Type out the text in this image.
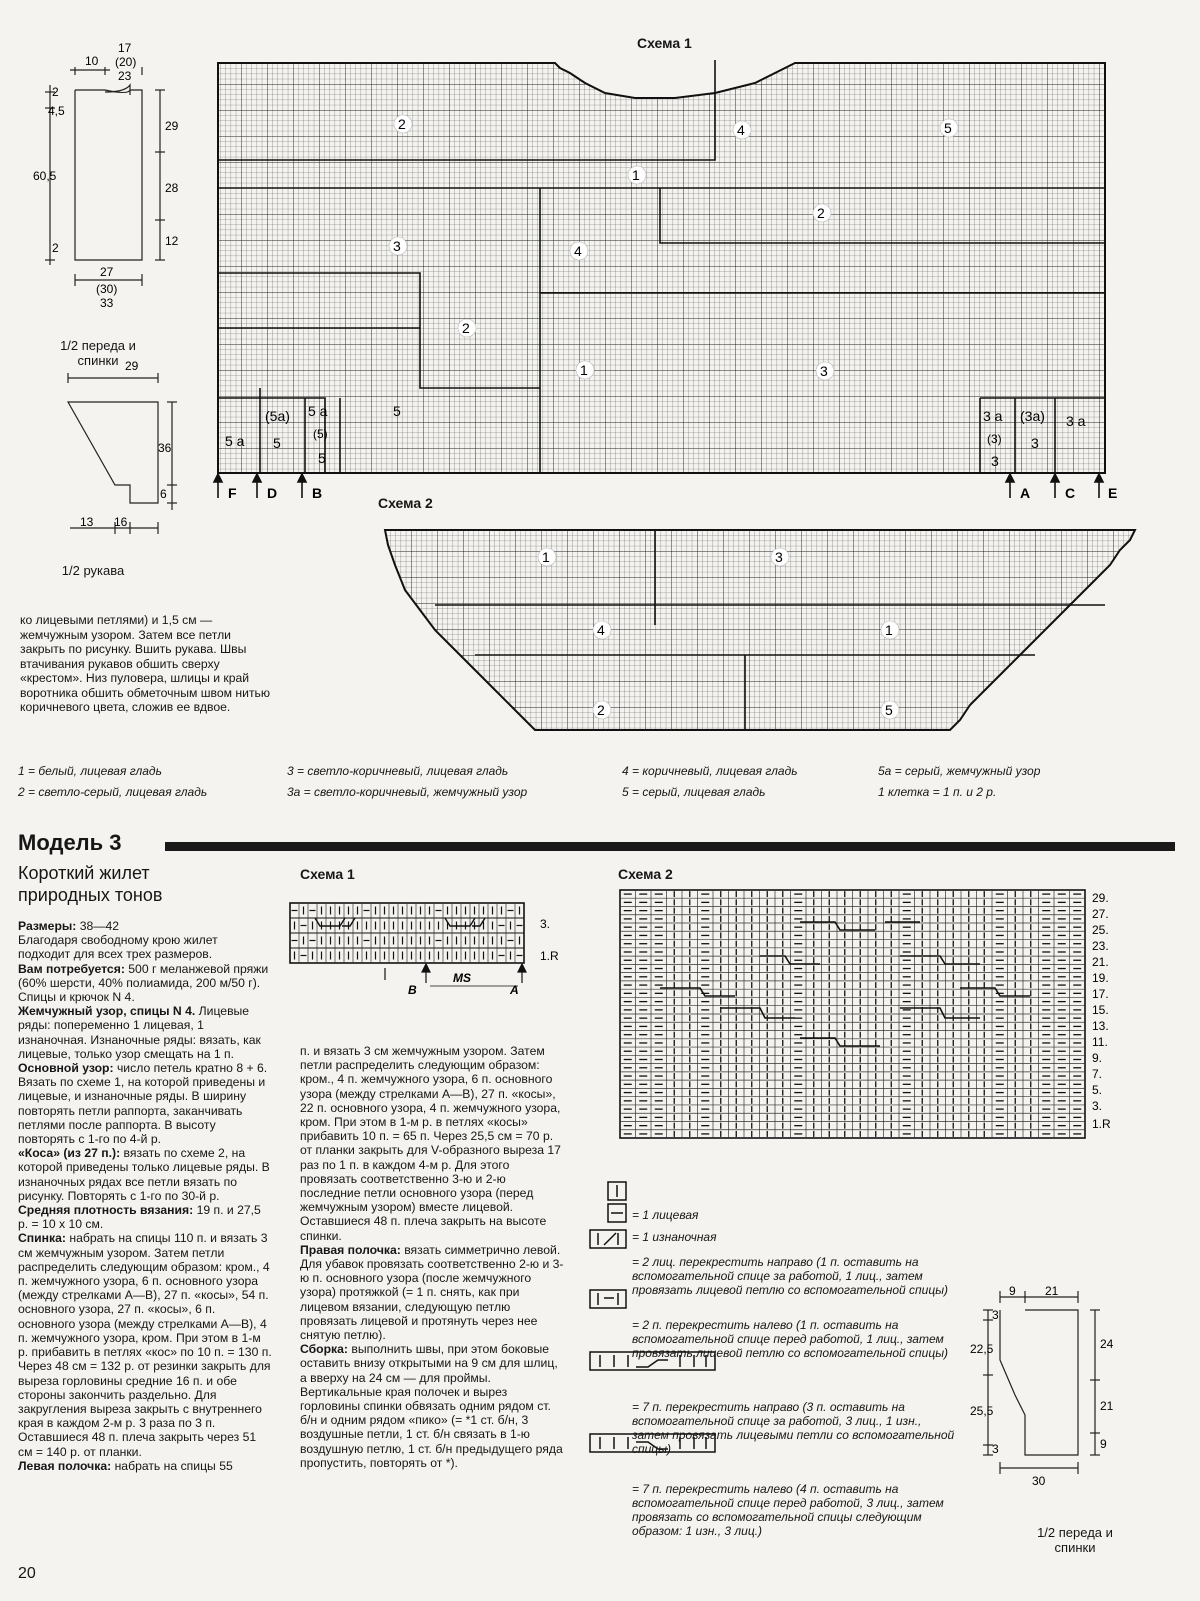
10
17
(20)
23
2
4,5
29
60,5
28
2	12
27
(30)
33
1/2 переда и спинки 29
36
6
13 16
1/2 рукава
Схема 1
2	4	5
1
2
3	4
2
1	3
5
(5а) 5 а
(5)
5 а 5
5
3 а (3а) 3 а
(3) 3
3
F D B	A C E
Схема 2
1	3
4	1
2	5

ко лицевыми петлями) и 1,5 см — жемчужным узором. Затем все петли закрыть по рисунку. Вшить рукава. Швы втачивания рукавов обшить сверху «крестом». Низ пуловера, шлицы и край воротника обшить обметочным швом нитью коричневого цвета, сложив ее вдвое.

1 = белый, лицевая гладь	3 = светло-коричневый, лицевая гладь	4 = коричневый, лицевая гладь	5а = серый, жемчужный узор
2 = светло-серый, лицевая гладь	3а = светло-коричневый, жемчужный узор	5 = серый, лицевая гладь	1 клетка = 1 п. и 2 р.
Модель 3
Короткий жилет
природных тонов

Размеры: 38—42

Благодаря свободному крою жилет подходит для всех трех размеров.

Вам потребуется: 500 г меланжевой пряжи (60% шерсти, 40% полиамида, 200 м/50 г). Спицы и крючок N 4.

Жемчужный узор, спицы N 4. Лицевые ряды: попеременно 1 лицевая, 1 изнаночная. Изнаночные ряды: вязать, как лицевые, только узор смещать на 1 п.

Основной узор: число петель кратно 8 + 6. Вязать по схеме 1, на которой приведены и лицевые, и изнаночные ряды. В ширину повторять петли раппорта, заканчивать петлями после раппорта. В высоту повторять с 1-го по 4-й р.

«Коса» (из 27 п.): вязать по схеме 2, на которой приведены только лицевые ряды. В изнаночных рядах все петли вязать по рисунку. Повторять с 1-го по 30-й р.

Средняя плотность вязания: 19 п. и 27,5 р. = 10 х 10 см.

Спинка: набрать на спицы 110 п. и вязать 3 см жемчужным узором. Затем петли распределить следующим образом: кром., 4 п. жемчужного узора, 6 п. основного узора (между стрелками А—В), 27 п. «косы», 54 п. основного узора, 27 п. «косы», 6 п. основного узора (между стрелками А—В), 4 п. жемчужного узора, кром. При этом в 1-м р. прибавить в петлях «кос» по 10 п. = 130 п. Через 48 см = 132 р. от резинки закрыть для выреза горловины средние 16 п. и обе стороны закончить раздельно. Для закругления выреза закрыть с внутреннего края в каждом 2-м р. 3 раза по 3 п. Оставшиеся 48 п. плеча закрыть через 51 см = 140 р. от планки.

Левая полочка: набрать на спицы 55

п. и вязать 3 см жемчужным узором. Затем петли распределить следующим образом: кром., 4 п. жемчужного узора, 6 п. основного узора (между стрелками А—В), 27 п. «косы», 22 п. основного узора, 4 п. жемчужного узора, кром. При этом в 1-м р. в петлях «косы» прибавить 10 п. = 65 п. Через 25,5 см = 70 р. от планки закрыть для V-образного выреза 17 раз по 1 п. в каждом 4-м р. Для этого провязать соответственно 3-ю и 2-ю последние петли основного узора (перед жемчужным узором) вместе лицевой. Оставшиеся 48 п. плеча закрыть на высоте спинки.

Правая полочка: вязать симметрично левой. Для убавок провязать соответственно 2-ю и 3-ю п. основного узора (после жемчужного узора) протяжкой (= 1 п. снять, как при лицевом вязании, следующую петлю провязать лицевой и протянуть через нее снятую петлю).

Сборка: выполнить швы, при этом боковые оставить внизу открытыми на 9 см для шлиц, а вверху на 24 см — для проймы. Вертикальные края полочек и вырез горловины спинки обвязать одним рядом ст. б/н и одним рядом «пико» (= *1 ст. б/н, 3 воздушные петли, 1 ст. б/н связать в 1-ю воздушную петлю, 1 ст. б/н предыдущего ряда пропустить, повторять от *).

Схема 1
3.
1.R
B
MS
A
Схема 2
29.
27.
25.
23.
21.
19.
17.
15.
13.
11.
9.
7.
5.
3.
1.R
= 1 лицевая
= 1 изнаночная
= 2 лиц. перекрестить направо (1 п. оставить на вспомогательной спице за работой, 1 лиц., затем провязать лицевой петлю со вспомогательной спицы)
= 2 п. перекрестить налево (1 п. оставить на вспомогательной спице перед работой, 1 лиц., затем провязать лицевой петлю со вспомогательной спицы)
= 7 п. перекрестить направо (3 п. оставить на вспомогательной спице за работой, 3 лиц., 1 изн., затем провязать лицевыми петли со вспомогательной спицы)
= 7 п. перекрестить налево (4 п. оставить на вспомогательной спице перед работой, 3 лиц., затем провязать со вспомогательной спицы следующим образом: 1 изн., 3 лиц.)
9 21
3
22,5	24
25,5	21
9
3
30
1/2 переда и спинки
20
